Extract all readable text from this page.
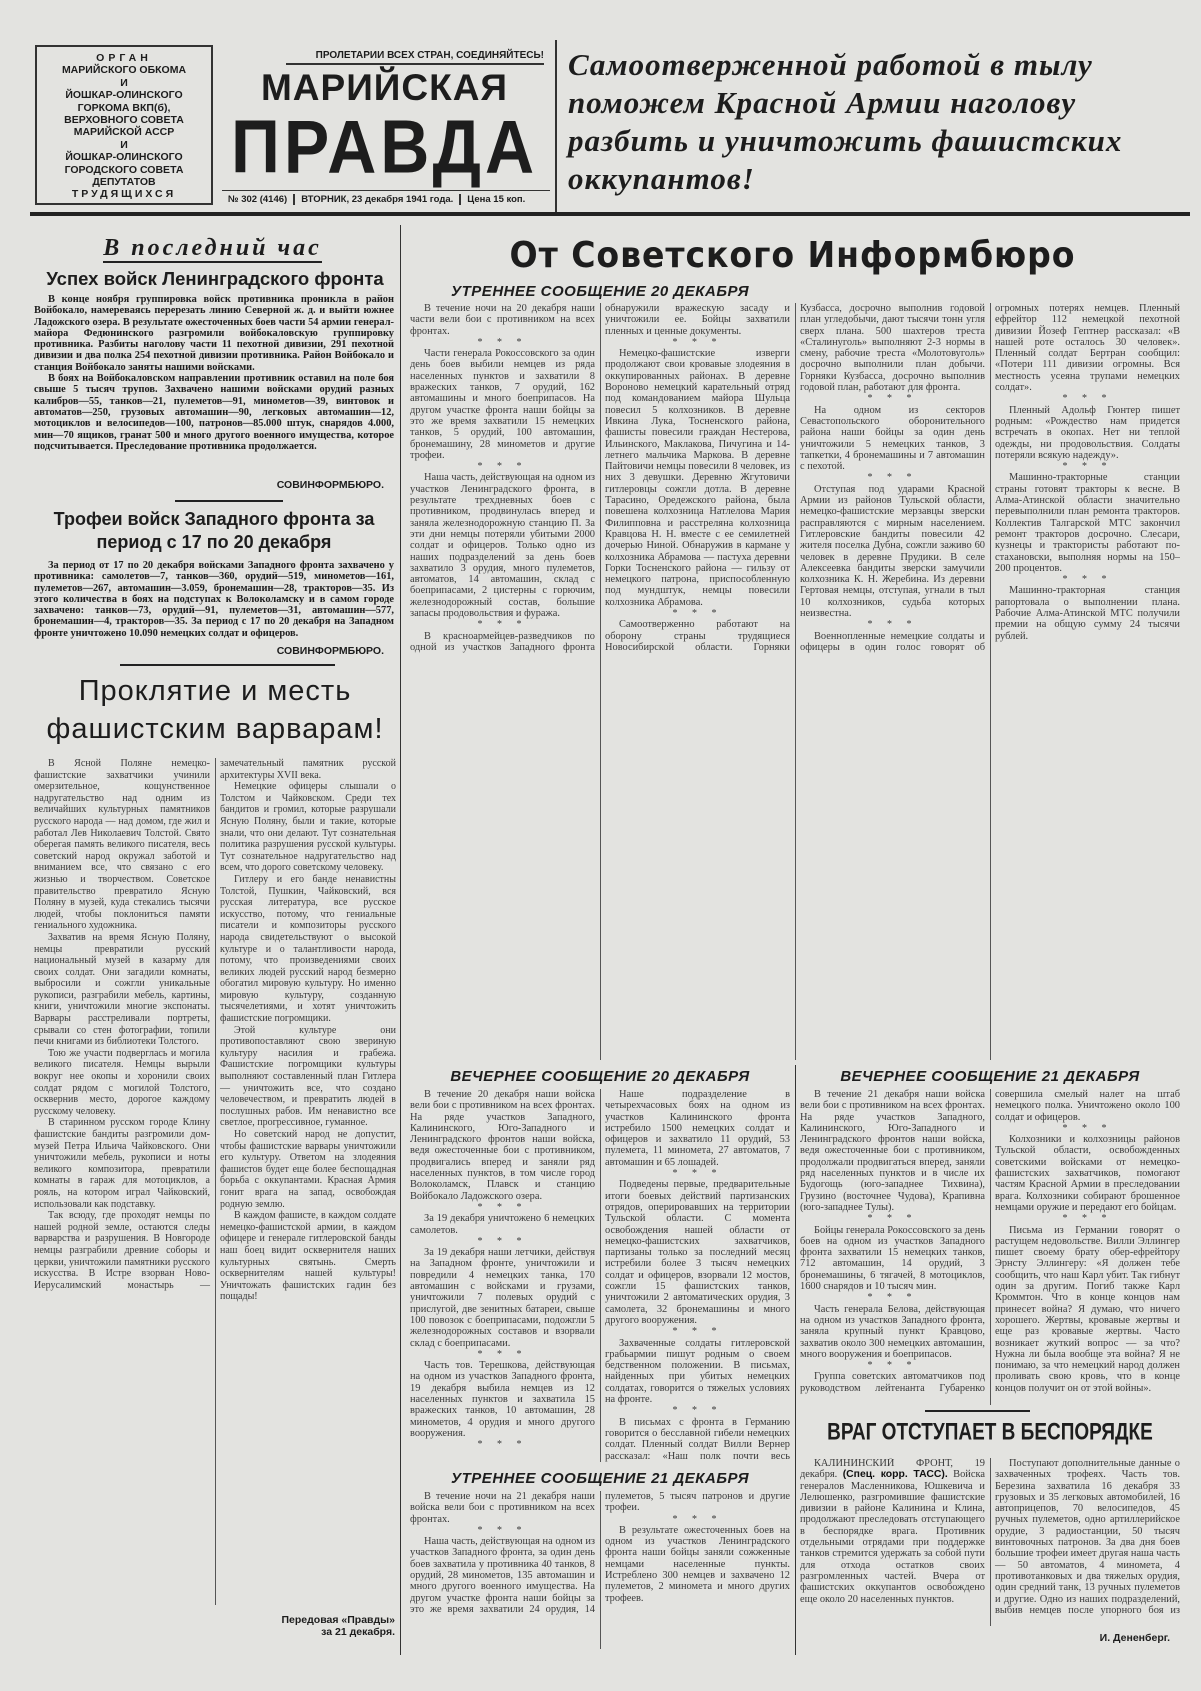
ОРГАН
МАРИЙСКОГО ОБКОМА
И
ЙОШКАР-ОЛИНСКОГО
ГОРКОМА ВКП(б),
ВЕРХОВНОГО СОВЕТА
МАРИЙСКОЙ АССР
И
ЙОШКАР-ОЛИНСКОГО
ГОРОДСКОГО СОВЕТА
ДЕПУТАТОВ
ТРУДЯЩИХСЯ
ПРОЛЕТАРИИ ВСЕХ СТРАН, СОЕДИНЯЙТЕСЬ!
МАРИЙСКАЯ
ПРАВДА
№ 302 (4146)	ВТОРНИК, 23 декабря 1941 года.	Цена 15 коп.
Самоотверженной работой в тылу поможем Красной Армии наголову разбить и уничтожить фашистских оккупантов!
В последний час
Успех войск Ленинградского фронта

В конце ноября группировка войск противника проникла в район Войбокало, намереваясь перерезать линию Северной ж. д. и выйти южнее Ладожского озера. В результате ожесточенных боев части 54 армии генерал-майора Федюнинского разгромили войбокаловскую группировку противника. Разбиты наголову части 11 пехотной дивизии, 291 пехотной дивизии и два полка 254 пехотной дивизии противника. Район Войбокало и станция Войбокало заняты нашими войсками.

В боях на Войбокаловском направлении противник оставил на поле боя свыше 5 тысяч трупов. Захвачено нашими войсками орудий разных калибров—55, танков—21, пулеметов—91, минометов—39, винтовок и автоматов—250, грузовых автомашин—90, легковых автомашин—12, мотоциклов и велосипедов—100, патронов—85.000 штук, снарядов 4.000, мин—70 ящиков, гранат 500 и много другого военного имущества, которое подсчитывается. Преследование противника продолжается.

СОВИНФОРМБЮРО.
Трофеи войск Западного фронта за период с 17 по 20 декабря

За период от 17 по 20 декабря войсками Западного фронта захвачено у противника: самолетов—7, танков—360, орудий—519, минометов—161, пулеметов—267, автомашин—3.059, бронемашин—28, тракторов—35. Из этого количества в боях на подступах к Волоколамску и в самом городе захвачено: танков—73, орудий—91, пулеметов—31, автомашин—577, бронемашин—4, тракторов—35. За период с 17 по 20 декабря на Западном фронте уничтожено 10.090 немецких солдат и офицеров.

СОВИНФОРМБЮРО.
Проклятие и месть
фашистским варварам!

В Ясной Поляне немецко-фашистские захватчики учинили омерзительное, кощунственное надругательство над одним из величайших культурных памятников русского народа — над домом, где жил и работал Лев Николаевич Толстой. Свято оберегая память великого писателя, весь советский народ окружал заботой и вниманием все, что связано с его жизнью и творчеством. Советское правительство превратило Ясную Поляну в музей, куда стекались тысячи людей, чтобы поклониться памяти гениального художника.

Захватив на время Ясную Поляну, немцы превратили русский национальный музей в казарму для своих солдат. Они загадили комнаты, выбросили и сожгли уникальные рукописи, разграбили мебель, картины, книги, уничтожили многие экспонаты. Варвары расстреливали портреты, срывали со стен фотографии, топили печи книгами из библиотеки Толстого.

Тою же участи подверглась и могила великого писателя. Немцы вырыли вокруг нее окопы и хоронили своих солдат рядом с могилой Толстого, осквернив место, дорогое каждому русскому человеку.

В старинном русском городе Клину фашистские бандиты разгромили дом-музей Петра Ильича Чайковского. Они уничтожили мебель, рукописи и ноты великого композитора, превратили комнаты в гараж для мотоциклов, а рояль, на котором играл Чайковский, использовали как подставку.

Так всюду, где проходят немцы по нашей родной земле, остаются следы варварства и разрушения. В Новгороде немцы разграбили древние соборы и церкви, уничтожили памятники русского искусства. В Истре взорван Ново-Иерусалимский монастырь — замечательный памятник русской архитектуры XVII века.

Немецкие офицеры слышали о Толстом и Чайковском. Среди тех бандитов и громил, которые разрушали Ясную Поляну, были и такие, которые знали, что они делают. Тут сознательная политика разрушения русской культуры. Тут сознательное надругательство над всем, что дорого советскому человеку.

Гитлеру и его банде ненавистны Толстой, Пушкин, Чайковский, вся русская литература, все русское искусство, потому, что гениальные писатели и композиторы русского народа свидетельствуют о высокой культуре и о талантливости народа, потому, что произведениями своих великих людей русский народ безмерно обогатил мировую культуру. Но именно мировую культуру, созданную тысячелетиями, и хотят уничтожить фашистские погромщики.

Этой культуре они противопоставляют свою звериную культуру насилия и грабежа. Фашистские погромщики культуры выполняют составленный план Гитлера — уничтожить все, что создано человечеством, и превратить людей в послушных рабов. Им ненавистно все светлое, прогрессивное, гуманное.

Но советский народ не допустит, чтобы фашистские варвары уничтожили его культуру. Ответом на злодеяния фашистов будет еще более беспощадная борьба с оккупантами. Красная Армия гонит врага на запад, освобождая родную землю.

В каждом фашисте, в каждом солдате немецко-фашистской армии, в каждом офицере и генерале гитлеровской банды наш боец видит осквернителя наших культурных святынь. Смерть осквернителям нашей культуры! Уничтожать фашистских гадин без пощады!

Передовая «Правды»
за 21 декабря.
От Советского Информбюро
УТРЕННЕЕ СООБЩЕНИЕ 20 ДЕКАБРЯ

В течение ночи на 20 декабря наши части вели бои с противником на всех фронтах.

* * *

Части генерала Рокоссовского за один день боев выбили немцев из ряда населенных пунктов и захватили 8 вражеских танков, 7 орудий, 162 автомашины и много боеприпасов. На другом участке фронта наши бойцы за это же время захватили 15 немецких танков, 5 орудий, 100 автомашин, бронемашину, 28 минометов и другие трофеи.

* * *

Наша часть, действующая на одном из участков Ленинградского фронта, в результате трехдневных боев с противником, продвинулась вперед и заняла железнодорожную станцию П. За эти дни немцы потеряли убитыми 2000 солдат и офицеров. Только одно из наших подразделений за день боев захватило 3 орудия, много пулеметов, автоматов, 14 автомашин, склад с боеприпасами, 2 цистерны с горючим, железнодорожный состав, большие запасы продовольствия и фуража.

* * *

В красноармейцев-разведчиков по одной из участков Западного фронта обнаружили вражескую засаду и уничтожили ее. Бойцы захватили пленных и ценные документы.

* * *

Немецко-фашистские изверги продолжают свои кровавые злодеяния в оккупированных районах. В деревне Вороново немецкий карательный отряд под командованием майора Шульца повесил 5 колхозников. В деревне Ивкина Лука, Тосненского района, фашисты повесили граждан Нестерова, Ильинского, Маклакова, Пичугина и 14-летнего мальчика Маркова. В деревне Пайтовичи немцы повесили 8 человек, из них 3 девушки. Деревню Жгутовичи гитлеровцы сожгли дотла. В деревне Тарасино, Оредежского района, была повешена колхозница Натлелова Мария Филипповна и расстреляна колхозница Кравцова Н. Н. вместе с ее семилетней дочерью Ниной. Обнаружив в кармане у колхозника Абрамова — пастуха деревни Горки Тосненского района — гильзу от немецкого патрона, приспособленную под мундштук, немцы повесили колхозника Абрамова.

* * *

Самоотверженно работают на оборону страны трудящиеся Новосибирской области. Горняки Кузбасса, досрочно выполнив годовой план угледобычи, дают тысячи тонн угля сверх плана. 500 шахтеров треста «Сталинуголь» выполняют 2-3 нормы в смену, рабочие треста «Молотовуголь» досрочно выполнили план добычи. Горняки Кузбасса, досрочно выполнив годовой план, работают для фронта.

* * *

На одном из секторов Севастопольского оборонительного района наши бойцы за один день уничтожили 5 немецких танков, 3 тапкетки, 4 бронемашины и 7 автомашин с пехотой.

* * *

Отступая под ударами Красной Армии из районов Тульской области, немецко-фашистские мерзавцы зверски расправляются с мирным населением. Гитлеровские бандиты повесили 42 жителя поселка Дубна, сожгли заживо 60 человек в деревне Прудики. В селе Алексеевка бандиты зверски замучили колхозника К. Н. Жеребина. Из деревни Гертовая немцы, отступая, угнали в тыл 10 колхозников, судьба которых неизвестна.

* * *

Военнопленные немецкие солдаты и офицеры в один голос говорят об огромных потерях немцев. Пленный ефрейтор 112 немецкой пехотной дивизии Йозеф Гептнер рассказал: «В нашей роте осталось 30 человек». Пленный солдат Бертран сообщил: «Потери 111 дивизии огромны. Вся местность усеяна трупами немецких солдат».

* * *

Пленный Адольф Гюнтер пишет родным: «Рождество нам придется встречать в окопах. Нет ни теплой одежды, ни продовольствия. Солдаты потеряли всякую надежду».

* * *

Машинно-тракторные станции страны готовят тракторы к весне. В Алма-Атинской области значительно перевыполнили план ремонта тракторов. Коллектив Талгарской МТС закончил ремонт тракторов досрочно. Слесари, кузнецы и трактористы работают по-стахановски, выполняя нормы на 150–200 процентов.

* * *

Машинно-тракторная станция рапортовала о выполнении плана. Рабочие Алма-Атинской МТС получили премии на общую сумму 24 тысячи рублей.

ВЕЧЕРНЕЕ СООБЩЕНИЕ 20 ДЕКАБРЯ

В течение 20 декабря наши войска вели бои с противником на всех фронтах. На ряде участков Западного, Калининского, Юго-Западного и Ленинградского фронтов наши войска, ведя ожесточенные бои с противником, продвигались вперед и заняли ряд населенных пунктов, в том числе город Волоколамск, Плавск и станцию Войбокало Ладожского озера.

* * *

За 19 декабря уничтожено 6 немецких самолетов.

* * *

За 19 декабря наши летчики, действуя на Западном фронте, уничтожили и повредили 4 немецких танка, 170 автомашин с войсками и грузами, уничтожили 7 полевых орудий с прислугой, две зенитных батареи, свыше 100 повозок с боеприпасами, подожгли 5 железнодорожных составов и взорвали склад с боеприпасами.

* * *

Часть тов. Терешкова, действующая на одном из участков Западного фронта, 19 декабря выбила немцев из 12 населенных пунктов и захватила 15 вражеских танков, 10 автомашин, 28 минометов, 4 орудия и много другого вооружения.

* * *

Наше подразделение в четырехчасовых боях на одном из участков Калининского фронта истребило 1500 немецких солдат и офицеров и захватило 11 орудий, 53 пулемета, 11 миномета, 27 автоматов, 7 автомашин и 65 лошадей.

* * *

Подведены первые, предварительные итоги боевых действий партизанских отрядов, оперировавших на территории Тульской области. С момента освобождения нашей области от немецко-фашистских захватчиков, партизаны только за последний месяц истребили более 3 тысяч немецких солдат и офицеров, взорвали 12 мостов, сожгли 15 фашистских танков, уничтожили 2 автоматических орудия, 3 самолета, 32 бронемашины и много другого вооружения.

* * *

Захваченные солдаты гитлеровской грабьармии пишут родным о своем бедственном положении. В письмах, найденных при убитых немецких солдатах, говорится о тяжелых условиях на фронте.

* * *

В письмах с фронта в Германию говорится о бесславной гибели немецких солдат. Пленный солдат Вилли Вернер рассказал: «Наш полк почти весь

УТРЕННЕЕ СООБЩЕНИЕ 21 ДЕКАБРЯ

В течение ночи на 21 декабря наши войска вели бои с противником на всех фронтах.

* * *

Наша часть, действующая на одном из участков Западного фронта, за один день боев захватила у противника 40 танков, 8 орудий, 28 минометов, 135 автомашин и много другого военного имущества. На другом участке фронта наши бойцы за это же время захватили 24 орудия, 14 пулеметов, 5 тысяч патронов и другие трофеи.

* * *

В результате ожесточенных боев на одном из участков Ленинградского фронта наши бойцы заняли сожженные немцами населенные пункты. Истреблено 300 немцев и захвачено 12 пулеметов, 2 миномета и много других трофеев.

ВЕЧЕРНЕЕ СООБЩЕНИЕ 21 ДЕКАБРЯ

В течение 21 декабря наши войска вели бои с противником на всех фронтах. На ряде участков Западного, Калининского, Юго-Западного и Ленинградского фронтов наши войска, ведя ожесточенные бои с противником, продолжали продвигаться вперед, заняли ряд населенных пунктов и в числе их Будогощь (юго-западнее Тихвина), Грузино (восточнее Чудова), Крапивна (юго-западнее Тулы).

* * *

Бойцы генерала Рокоссовского за день боев на одном из участков Западного фронта захватили 15 немецких танков, 712 автомашин, 14 орудий, 3 бронемашины, 6 тягачей, 8 мотоциклов, 1600 снарядов и 10 тысяч мин.

* * *

Часть генерала Белова, действующая на одном из участков Западного фронта, заняла крупный пункт Кравцово, захватив около 300 немецких автомашин, много вооружения и боеприпасов.

* * *

Группа советских автоматчиков под руководством лейтенанта Губаренко совершила смелый налет на штаб немецкого полка. Уничтожено около 100 солдат и офицеров.

* * *

Колхозники и колхозницы районов Тульской области, освобожденных советскими войсками от немецко-фашистских захватчиков, помогают частям Красной Армии в преследовании врага. Колхозники собирают брошенное немцами оружие и передают его бойцам.

* * *

Письма из Германии говорят о растущем недовольстве. Вилли Эллингер пишет своему брату обер-ефрейтору Эрнсту Эллингеру: «Я должен тебе сообщить, что наш Карл убит. Так гибнут один за другим. Погиб также Карл Кроммтон. Что в конце концов нам принесет война? Я думаю, что ничего хорошего. Жертвы, кровавые жертвы и еще раз кровавые жертвы. Часто возникает жуткий вопрос — за что? Нужна ли была вообще эта война? Я не понимаю, за что немецкий народ должен проливать свою кровь, что в конце концов получит он от этой войны».

ВРАГ ОТСТУПАЕТ В БЕСПОРЯДКЕ

КАЛИНИНСКИЙ ФРОНТ, 19 декабря. (Спец. корр. ТАСС). Войска генералов Масленникова, Юшкевича и Лелюшенко, разгромившие фашистские дивизии в районе Калинина и Клина, продолжают преследовать отступающего в беспорядке врага. Противник отдельными отрядами при поддержке танков стремится удержать за собой пути для отхода остатков своих разгромленных частей. Вчера от фашистских оккупантов освобождено еще около 20 населенных пунктов.

Поступают дополнительные данные о захваченных трофеях. Часть тов. Березина захватила 16 декабря 33 грузовых и 35 легковых автомобилей, 16 автоприцепов, 70 велосипедов, 45 ручных пулеметов, одно артиллерийское орудие, 3 радиостанции, 50 тысяч винтовочных патронов. За два дня боев большие трофеи имеет другая наша часть — 50 автоматов, 4 миномета, 4 противотанковых и два тяжелых орудия, один средний танк, 13 ручных пулеметов и другие. Одно из наших подразделений, выбив немцев после упорного боя из

И. Дененберг.
